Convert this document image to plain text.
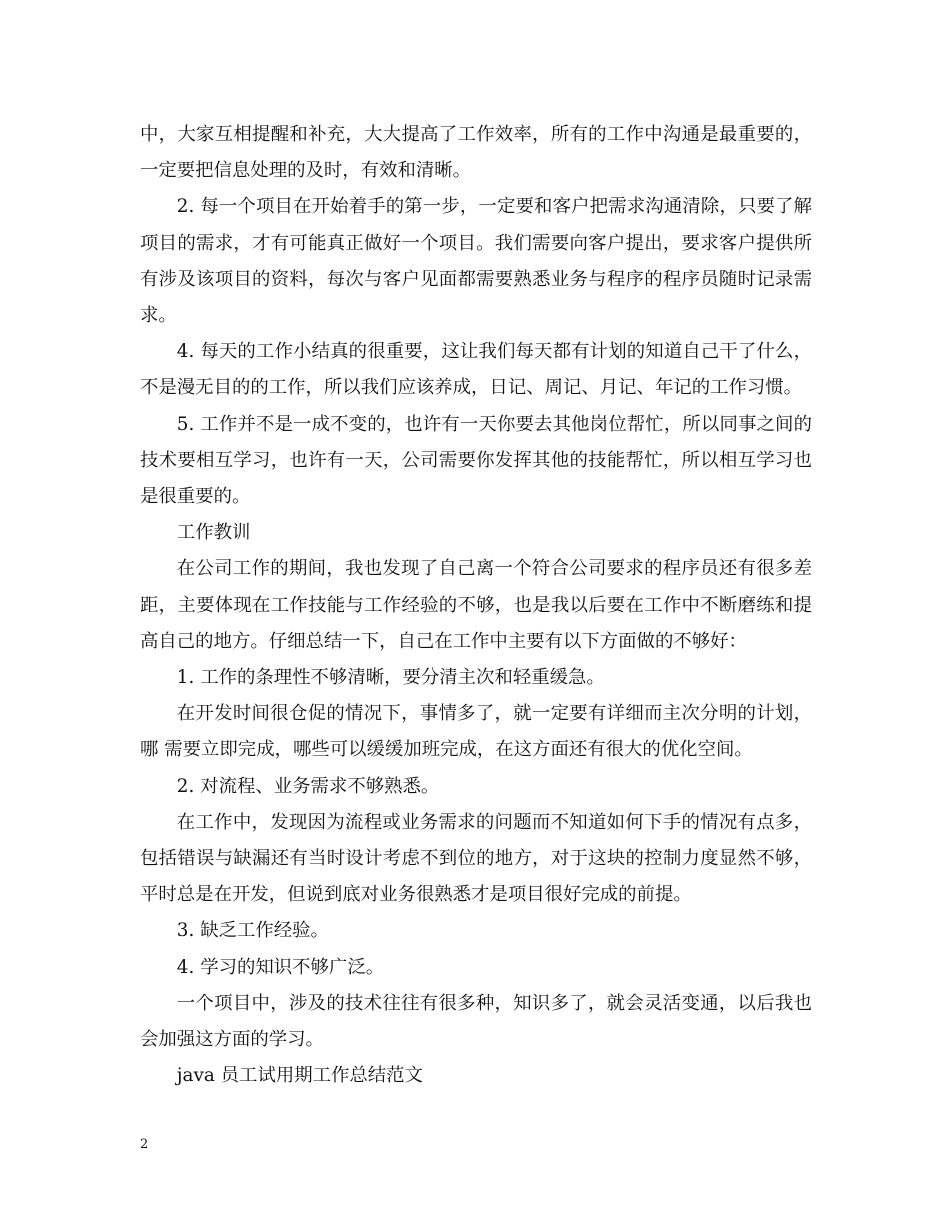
中，大家互相提醒和补充，大大提高了工作效率，所有的工作中沟通是最重要的，一定要把信息处理的及时，有效和清晰。

2. 每一个项目在开始着手的第一步，一定要和客户把需求沟通清除，只要了解项目的需求，才有可能真正做好一个项目。我们需要向客户提出，要求客户提供所有涉及该项目的资料，每次与客户见面都需要熟悉业务与程序的程序员随时记录需求。

4. 每天的工作小结真的很重要，这让我们每天都有计划的知道自己干了什么，不是漫无目的的工作，所以我们应该养成，日记、周记、月记、年记的工作习惯。

5. 工作并不是一成不变的，也许有一天你要去其他岗位帮忙，所以同事之间的技术要相互学习，也许有一天，公司需要你发挥其他的技能帮忙，所以相互学习也是很重要的。

工作教训

在公司工作的期间，我也发现了自己离一个符合公司要求的程序员还有很多差距，主要体现在工作技能与工作经验的不够，也是我以后要在工作中不断磨练和提高自己的地方。仔细总结一下，自己在工作中主要有以下方面做的不够好：

1. 工作的条理性不够清晰，要分清主次和轻重缓急。

在开发时间很仓促的情况下，事情多了，就一定要有详细而主次分明的计划，哪 需要立即完成，哪些可以缓缓加班完成，在这方面还有很大的优化空间。

2. 对流程、业务需求不够熟悉。

在工作中，发现因为流程或业务需求的问题而不知道如何下手的情况有点多，包括错误与缺漏还有当时设计考虑不到位的地方，对于这块的控制力度显然不够，平时总是在开发，但说到底对业务很熟悉才是项目很好完成的前提。

3. 缺乏工作经验。

4. 学习的知识不够广泛。

一个项目中，涉及的技术往往有很多种，知识多了，就会灵活变通，以后我也会加强这方面的学习。

java 员工试用期工作总结范文

2
